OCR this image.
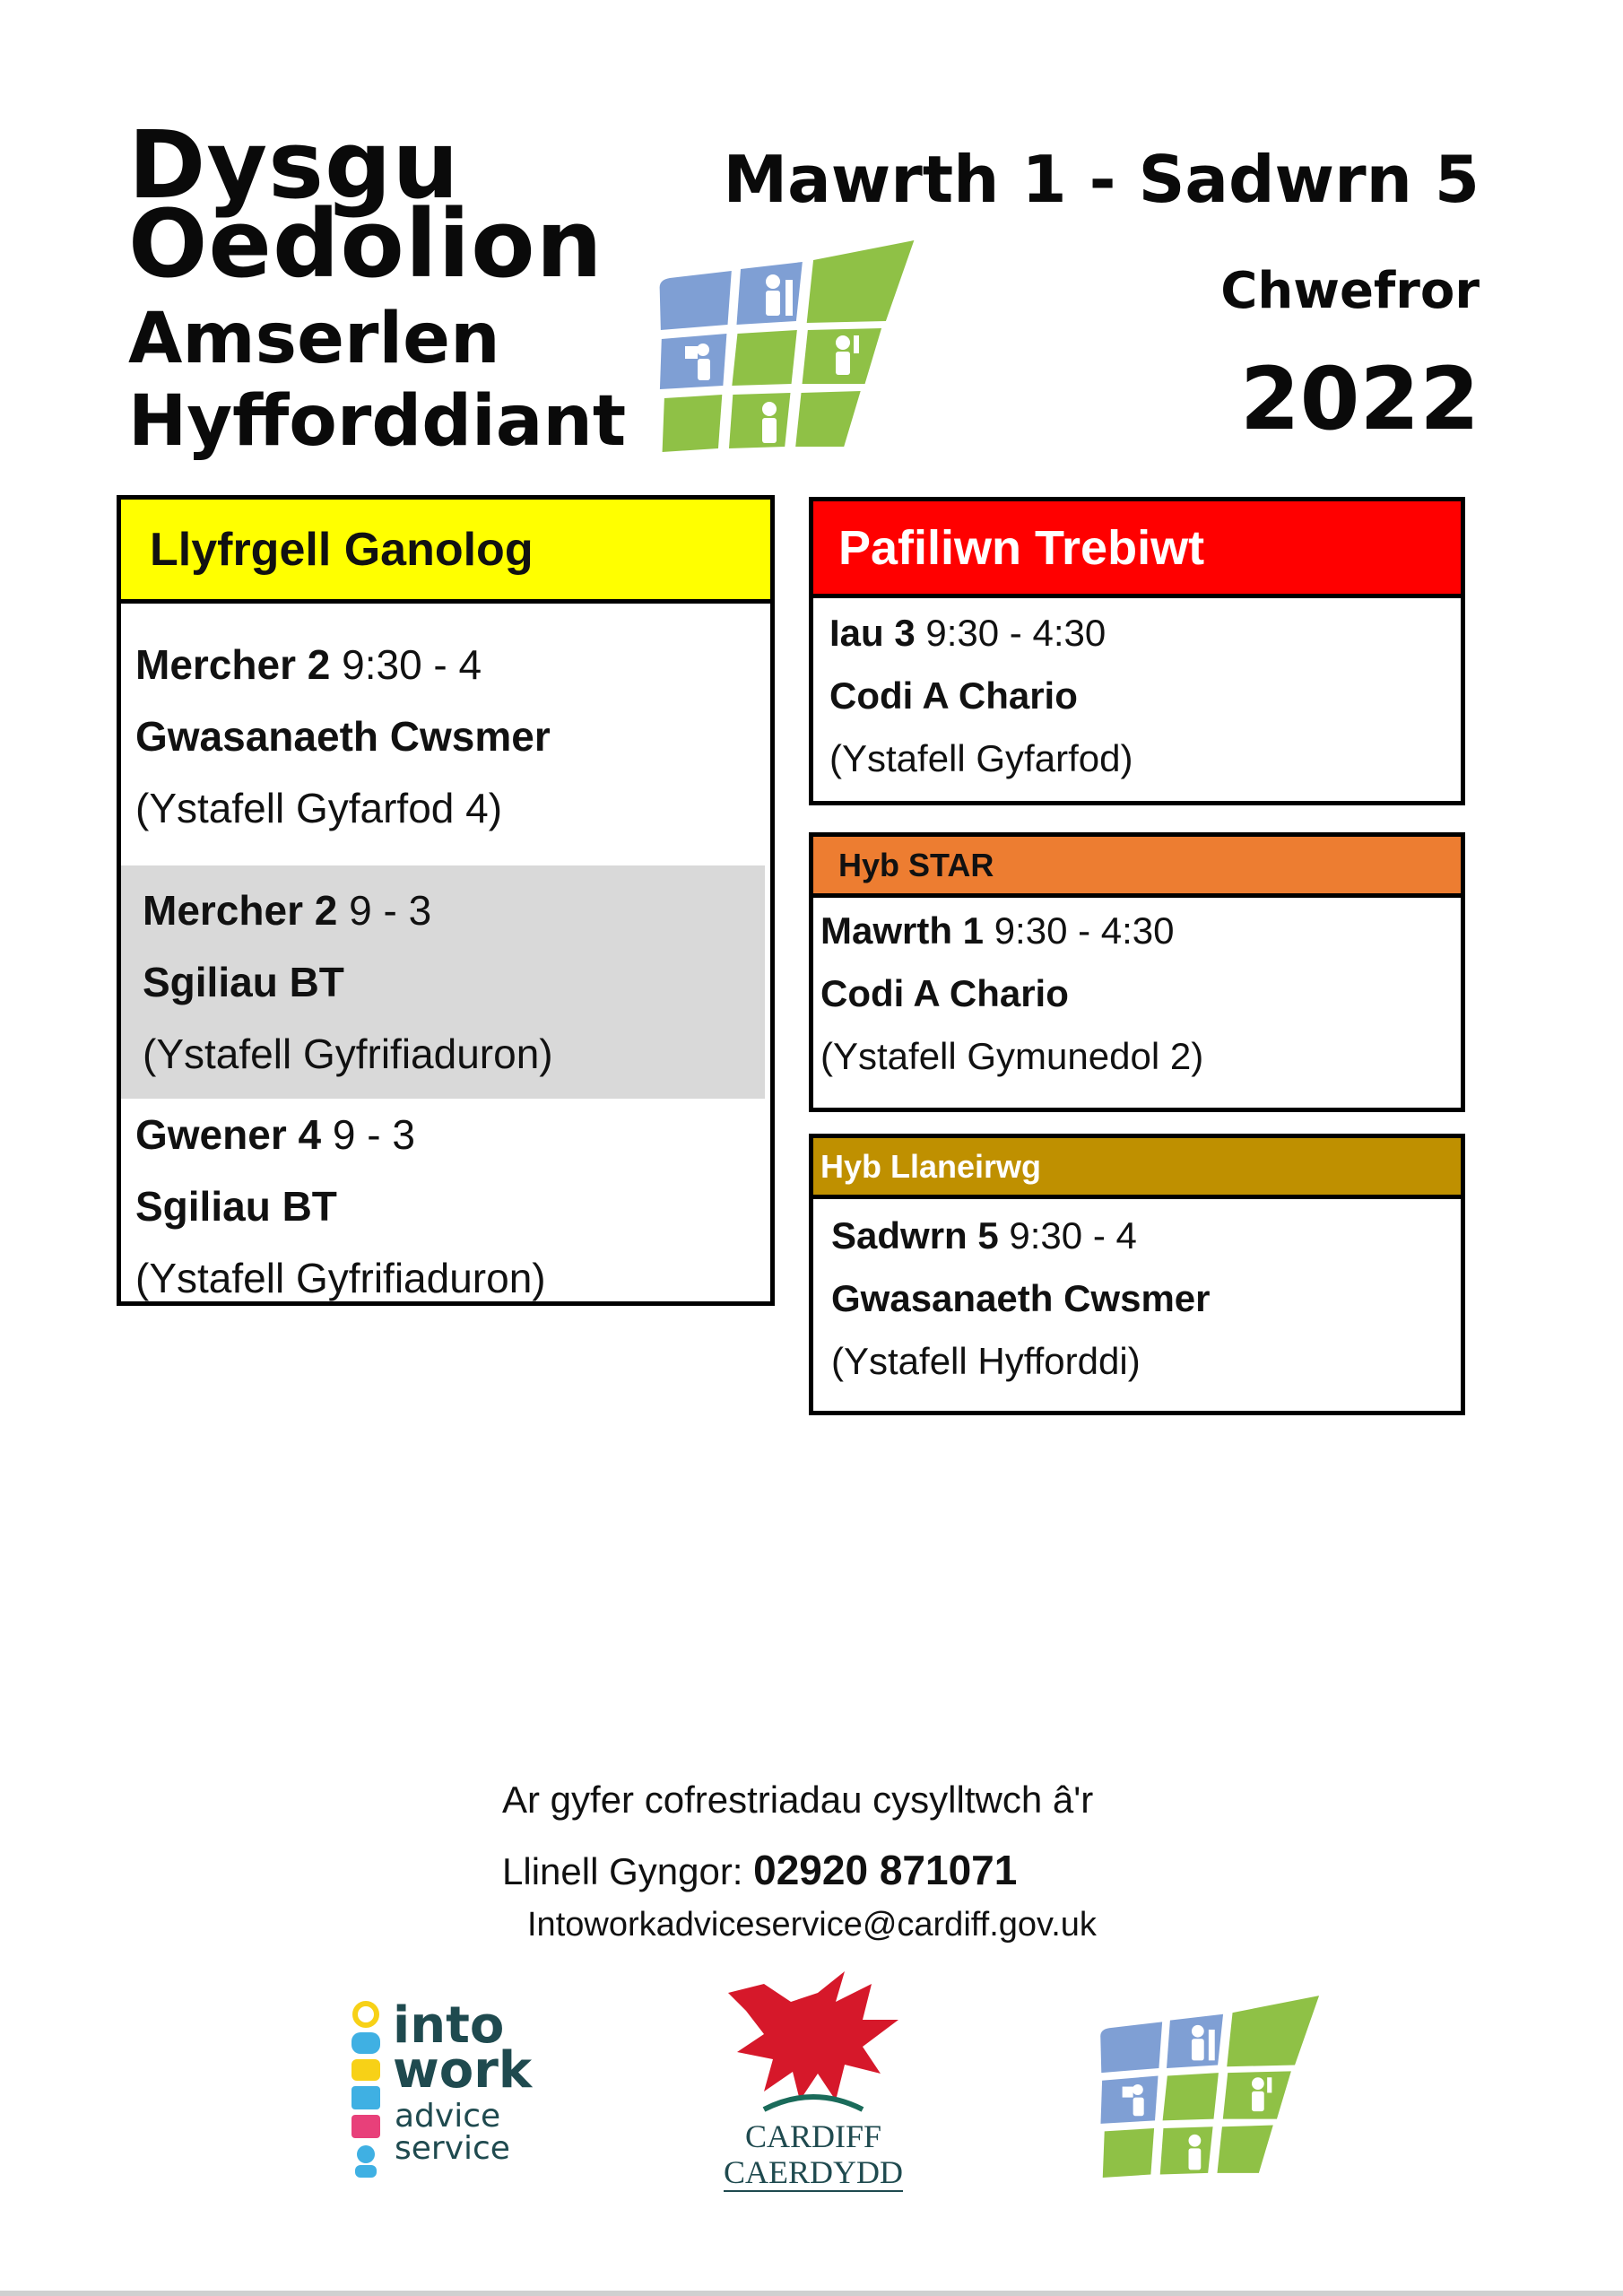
Dysgu
Oedolion
Amserlen
Hyfforddiant
Mawrth 1 - Sadwrn 5
Chwefror
2022
Llyfrgell Ganolog
Mercher 2 9:30 - 4
Gwasanaeth Cwsmer
(Ystafell Gyfarfod 4)
Mercher 2 9 - 3
Sgiliau BT
(Ystafell Gyfrifiaduron)
Gwener 4 9 - 3
Sgiliau BT
(Ystafell Gyfrifiaduron)
Pafiliwn Trebiwt
Iau 3 9:30 - 4:30
Codi A Chario
(Ystafell Gyfarfod)
Hyb STAR
Mawrth 1 9:30 - 4:30
Codi A Chario
(Ystafell Gymunedol 2)
Hyb Llaneirwg
Sadwrn 5 9:30 - 4
Gwasanaeth Cwsmer
(Ystafell Hyfforddi)
Ar gyfer cofrestriadau cysylltwch â'r
Llinell Gyngor: 02920 871071
Intoworkadviceservice@cardiff.gov.uk
into
work
advice
service	CARDIFF
CAERDYDD
